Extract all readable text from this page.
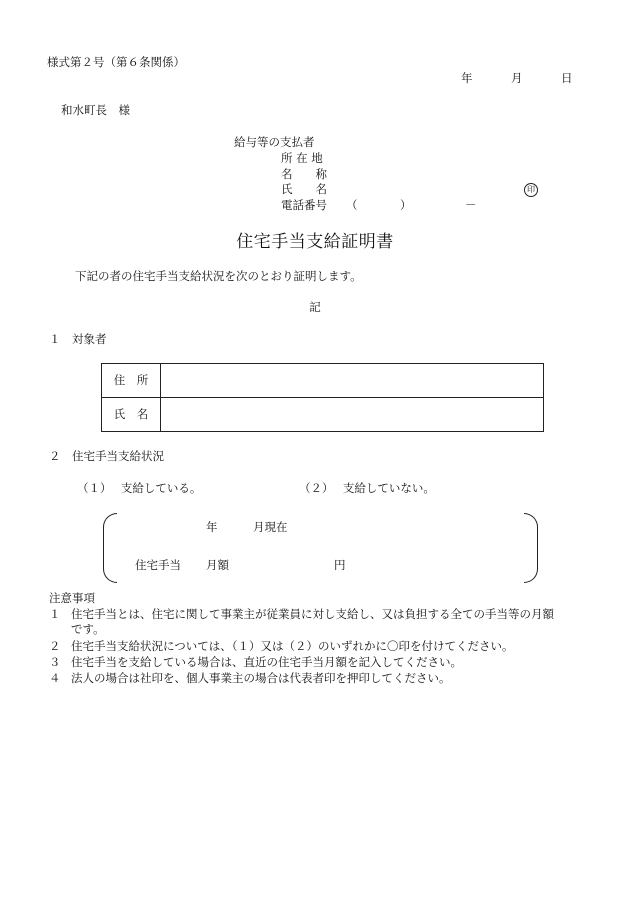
様式第２号（第６条関係）
年	月	日
和水町長　様
給与等の支払者
所 在 地
名　　称
氏　　名	印
電話番号 （	）	－
住宅手当支給証明書
下記の者の住宅手当支給状況を次のとおり証明します。
記
１　対象者
住　所	
氏　名	
２　住宅手当支給状況
（１）　 支給している。	（２）　 支給していない。
年	月現在
住宅手当 月額	円
注意事項
１ 住宅手当とは、住宅に関して事業主が従業員に対し支給し、又は負担する全ての手当等の月額
です。
２ 住宅手当支給状況については、（１）又は（２）のいずれかに〇印を付けてください。
３ 住宅手当を支給している場合は、直近の住宅手当月額を記入してください。
４ 法人の場合は社印を、個人事業主の場合は代表者印を押印してください。
